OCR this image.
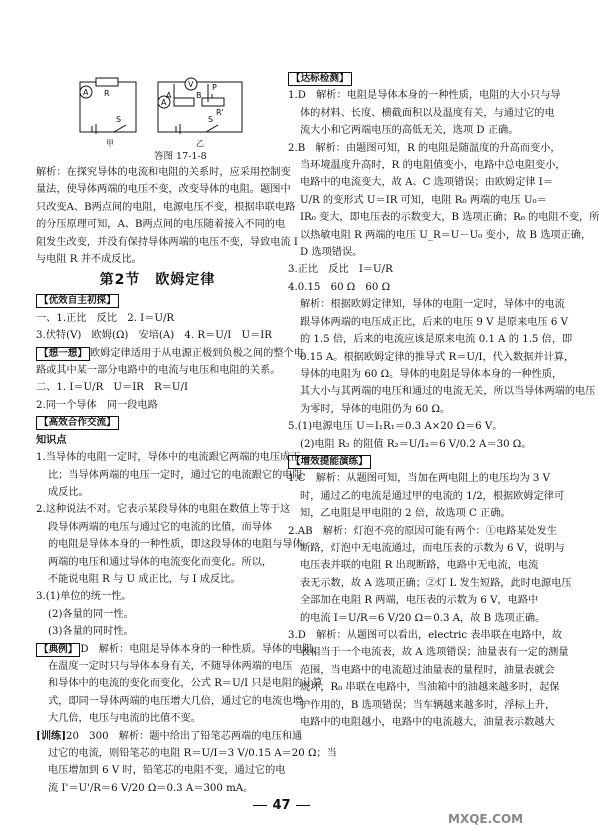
A R
S
A
V
A	B
R'
P
S
甲	乙
答图 17-1-8
解析：在探究导体的电流和电阻的关系时，应采用控制变
量法，使导体两端的电压不变，改变导体的电阻。题图中
只改变A、B两点间的电阻，电源电压不变，根据串联电路
的分压原理可知，A、B两点间的电压随着接入不同的电
阻发生改变，并没有保持导体两端的电压不变，导致电流 I
与电阻 R 并不成反比。
第2节　欧姆定律
【优效自主初探】
一、1.正比　反比　2. I＝U/R
3.伏特(V)　欧姆(Ω)　安培(A)　4. R＝U/I　U＝IR
【想一想】 欧姆定律适用于从电源正极到负极之间的整个电
路或其中某一部分电路中的电流与电压和电阻的关系。
二、1. I＝U/R　U＝IR　R＝U/I
2.同一个导体　同一段电路
【高效合作交流】
知识点
1.当导体的电阻一定时，导体中的电流跟它两端的电压成正
比；当导体两端的电压一定时，通过它的电流跟它的电阻
成反比。
2.这种说法不对。它表示某段导体的电阻在数值上等于这
段导体两端的电压与通过它的电流的比值，而导体
的电阻是导体本身的一种性质，即这段导体的电阻与导体
两端的电压和通过导体的电流变化而变化。所以，
不能说电阻 R 与 U 成正比，与 I 成反比。
3.(1)单位的统一性。
(2)各量的同一性。
(3)各量的同时性。
【典例】 D　解析：电阻是导体本身的一种性质。导体的电阻，
在温度一定时只与导体本身有关，不随导体两端的电压
和导体中的电流的变化而变化，公式 R＝U/I 只是电阻的计算
式，即同一导体两端的电压增大几倍，通过它的电流也增
大几倍，电压与电流的比值不变。
[训练]20　300　解析：题中给出了铅笔芯两端的电压和通
过它的电流，则铅笔芯的电阻 R＝U/I＝3 V/0.15 A＝20 Ω；当
电压增加到 6 V 时，铅笔芯的电阻不变，通过它的电
流 I'＝U'/R＝6 V/20 Ω＝0.3 A＝300 mA。
【达标检测】
1.D　解析：电阻是导体本身的一种性质，电阻的大小只与导
体的材料、长度、横截面积以及温度有关，与通过它的电
流大小和它两端电压的高低无关，选项 D 正确。
2.B　解析：由题图可知，R 的电阻是随温度的升高而变小，
当环境温度升高时，R 的电阻值变小，电路中总电阻变小，
电路中的电流变大，故 A、C 选项错误；由欧姆定律 I＝
U/R 的变形式 U＝IR 可知，电阻 R₀ 两端的电压 U₀＝
IR₀ 变大，即电压表的示数变大，B 选项正确；R₀ 的电阻不变，所
以热敏电阻 R 两端的电压 U_R＝U－U₀ 变小，故 B 选项正确，
D 选项错误。
3.正比　反比　I＝U/R
4.0.15　60 Ω　60 Ω
解析：根据欧姆定律知，导体的电阻一定时，导体中的电流
跟导体两端的电压成正比，后来的电压 9 V 是原来电压 6 V
的 1.5 倍，后来的电流应该是原来电流 0.1 A 的 1.5 倍，即
0.15 A。根据欧姆定律的推导式 R＝U/I，代入数据并计算，
导体的电阻为 60 Ω。导体的电阻是导体本身的一种性质，
其大小与其两端的电压和通过的电流无关，所以当导体两端的电压
为零时，导体的电阻仍为 60 Ω。
5.(1)电源电压 U＝I₁R₁＝0.3 A×20 Ω＝6 V。
(2)电阻 R₂ 的阻值 R₂＝U/I₂＝6 V/0.2 A＝30 Ω。
【增效提能演练】
1.C　解析：从题图可知，当加在两电阻上的电压均为 3 V
时，通过乙的电流是通过甲的电流的 1/2，根据欧姆定律可
知，乙电阻是甲电阻的 2 倍，故选项 C 正确。
2.AB　解析：灯泡不亮的原因可能有两个：①电路某处发生
断路，灯泡中无电流通过，而电压表的示数为 6 V，说明与
电压表并联的电阻 R 出现断路，电路中无电流，电流
表无示数，故 A 选项正确；②灯 L 发生短路，此时电源电压
全部加在电阻 R 两端，电压表的示数为 6 V，电路中
的电流 I＝U/R＝6 V/20 Ω＝0.3 A，故 B 选项正确。
3.D　解析：从题图可以看出，electric 表串联在电路中，故
表相当于一个电流表，故 A 选项错误；油量表有一定的测量
范围，当电路中的电流超过油量表的量程时，油量表就会
烧坏，R₀ 串联在电路中，当油箱中的油越来越多时，起保
护作用的，B 选项错误；当车辆越来越多时，浮标上升，
电路中的电阻越小，电路中的电流越大，油量表示数越大
47
MXQE.COM
